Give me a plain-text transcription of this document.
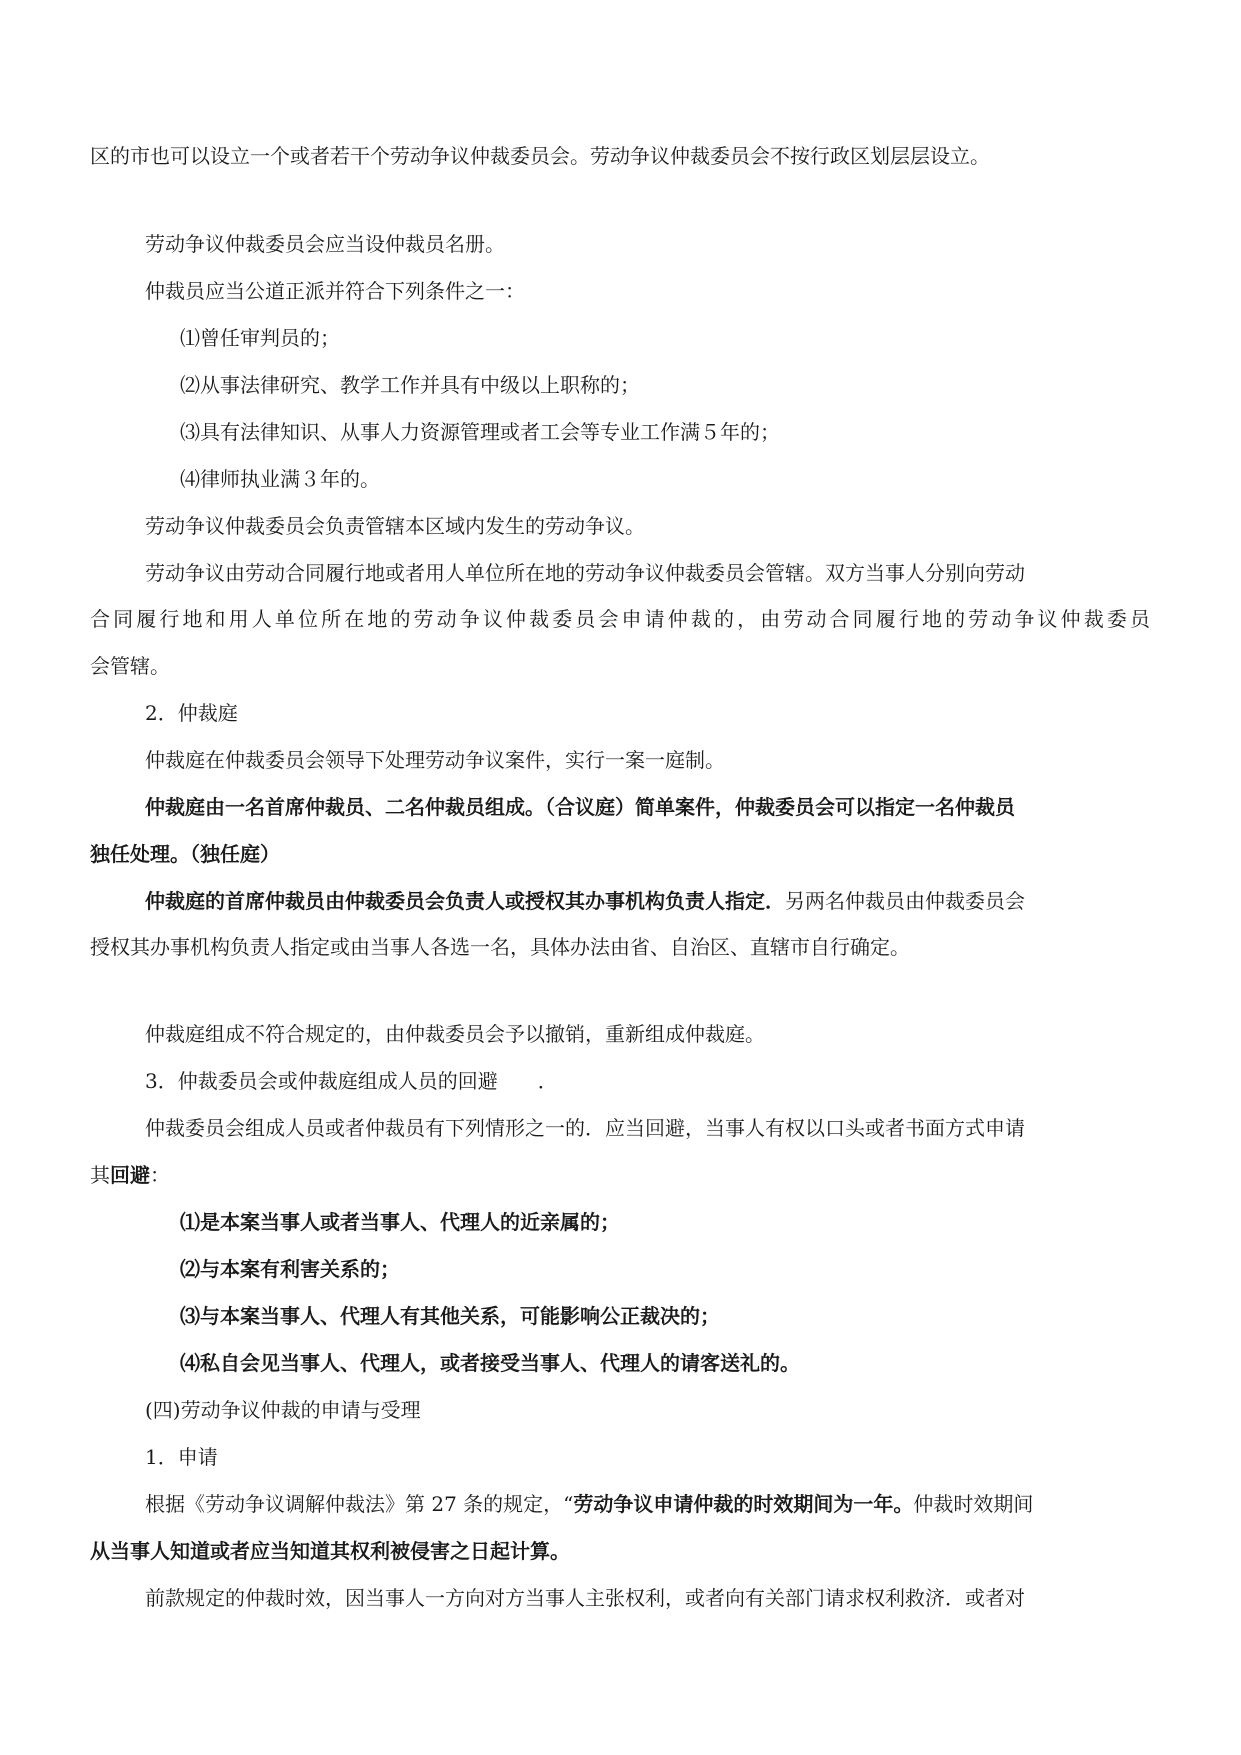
区的市也可以设立一个或者若干个劳动争议仲裁委员会。劳动争议仲裁委员会不按行政区划层层设立。
劳动争议仲裁委员会应当设仲裁员名册。
仲裁员应当公道正派并符合下列条件之一：
⑴曾任审判员的；
⑵从事法律研究、教学工作并具有中级以上职称的；
⑶具有法律知识、从事人力资源管理或者工会等专业工作满５年的；
⑷律师执业满３年的。
劳动争议仲裁委员会负责管辖本区域内发生的劳动争议。
劳动争议由劳动合同履行地或者用人单位所在地的劳动争议仲裁委员会管辖。双方当事人分别向劳动
合同履行地和用人单位所在地的劳动争议仲裁委员会申请仲裁的，由劳动合同履行地的劳动争议仲裁委员
会管辖。
2．仲裁庭
仲裁庭在仲裁委员会领导下处理劳动争议案件，实行一案一庭制。
仲裁庭由一名首席仲裁员、二名仲裁员组成。（合议庭）简单案件，仲裁委员会可以指定一名仲裁员
独任处理。（独任庭）
仲裁庭的首席仲裁员由仲裁委员会负责人或授权其办事机构负责人指定．另两名仲裁员由仲裁委员会
授权其办事机构负责人指定或由当事人各选一名，具体办法由省、自治区、直辖市自行确定。
仲裁庭组成不符合规定的，由仲裁委员会予以撤销，重新组成仲裁庭。
3．仲裁委员会或仲裁庭组成人员的回避　　．
仲裁委员会组成人员或者仲裁员有下列情形之一的．应当回避，当事人有权以口头或者书面方式申请
其回避：
⑴是本案当事人或者当事人、代理人的近亲属的；
⑵与本案有利害关系的；
⑶与本案当事人、代理人有其他关系，可能影响公正裁决的；
⑷私自会见当事人、代理人，或者接受当事人、代理人的请客送礼的。
(四)劳动争议仲裁的申请与受理
1．申请
根据《劳动争议调解仲裁法》第 27 条的规定，“劳动争议申请仲裁的时效期间为一年。仲裁时效期间
从当事人知道或者应当知道其权利被侵害之日起计算。
前款规定的仲裁时效，因当事人一方向对方当事人主张权利，或者向有关部门请求权利救济．或者对
